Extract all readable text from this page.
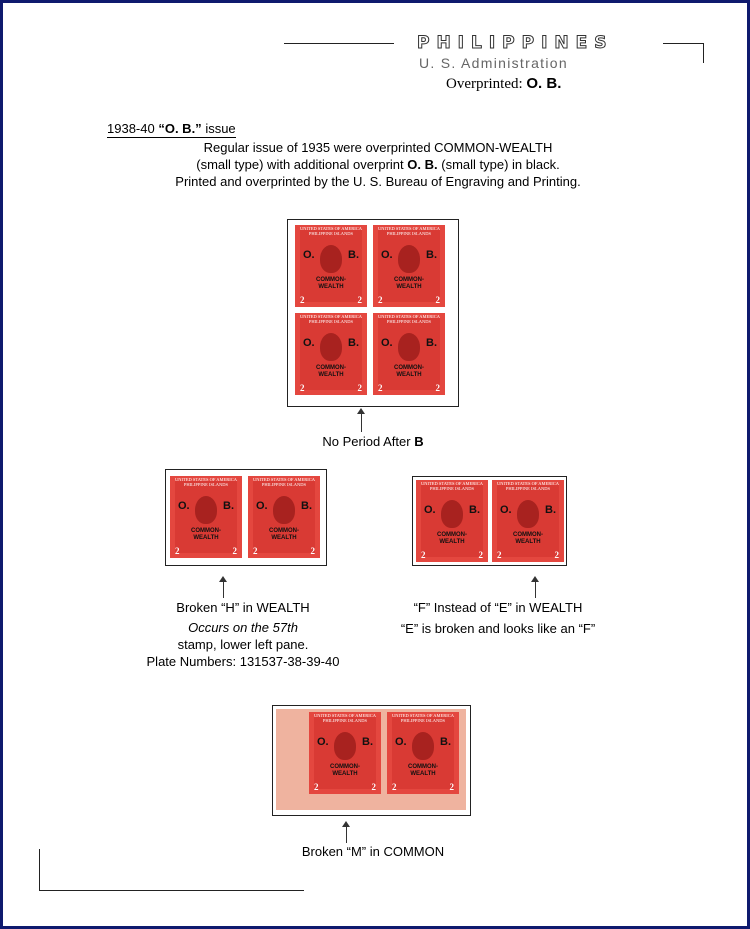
PHILIPPINES
U. S. Administration
Overprinted: O. B.
1938-40 “O. B.” issue
Regular issue of 1935 were overprinted COMMON-WEALTH
(small type) with additional overprint O. B. (small type) in black.
Printed and overprinted by the U. S. Bureau of Engraving and Printing.
UNITED STATES OF AMERICA PHILIPPINE ISLANDS
O.	B.
COMMON-
WEALTH
2	2
UNITED STATES OF AMERICA PHILIPPINE ISLANDS
O.	B.
COMMON-
WEALTH
2	2
UNITED STATES OF AMERICA PHILIPPINE ISLANDS
O.	B.
COMMON-
WEALTH
2	2
UNITED STATES OF AMERICA PHILIPPINE ISLANDS
O.	B.
COMMON-
WEALTH
2	2
No Period After B
UNITED STATES OF AMERICA PHILIPPINE ISLANDS
O.	B.
COMMON-
WEALTH
2	2
UNITED STATES OF AMERICA PHILIPPINE ISLANDS
O.	B.
COMMON-
WEALTH
2	2
Broken “H” in WEALTH
Occurs on the 57th
stamp, lower left pane.
Plate Numbers: 131537-38-39-40
UNITED STATES OF AMERICA PHILIPPINE ISLANDS
O.	B.
COMMON-
WEALTH
2	2
UNITED STATES OF AMERICA PHILIPPINE ISLANDS
O.	B.
COMMON-
WEALTH
2	2
“F” Instead of “E” in WEALTH
“E” is broken and looks like an “F”
UNITED STATES OF AMERICA PHILIPPINE ISLANDS
O.	B.
COMMON-
WEALTH
2	2
UNITED STATES OF AMERICA PHILIPPINE ISLANDS
O.	B.
COMMON-
WEALTH
2	2
Broken “M” in COMMON
